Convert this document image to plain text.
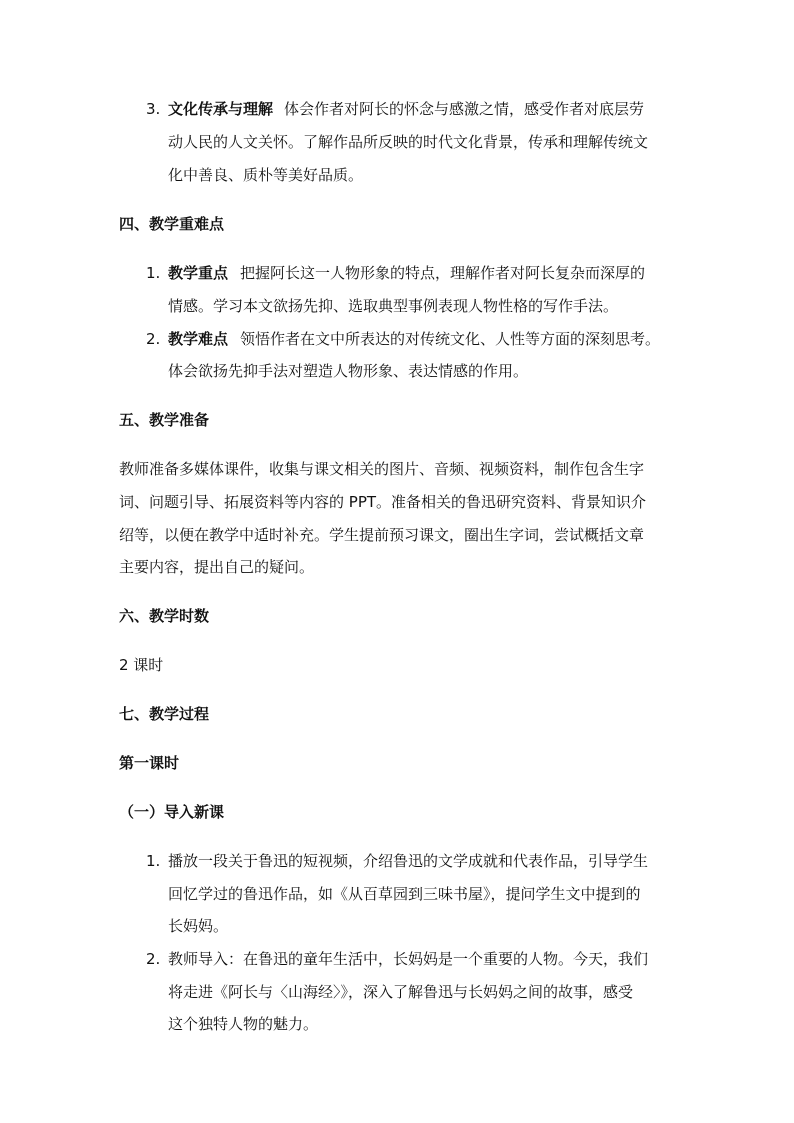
3. 文化传承与理解 体会作者对阿长的怀念与感激之情，感受作者对底层劳
动人民的人文关怀。了解作品所反映的时代文化背景，传承和理解传统文
化中善良、质朴等美好品质。
四、教学重难点
1. 教学重点 把握阿长这一人物形象的特点，理解作者对阿长复杂而深厚的
情感。学习本文欲扬先抑、选取典型事例表现人物性格的写作手法。
2. 教学难点 领悟作者在文中所表达的对传统文化、人性等方面的深刻思考。
体会欲扬先抑手法对塑造人物形象、表达情感的作用。
五、教学准备
教师准备多媒体课件，收集与课文相关的图片、音频、视频资料，制作包含生字
词、问题引导、拓展资料等内容的 PPT。准备相关的鲁迅研究资料、背景知识介
绍等，以便在教学中适时补充。学生提前预习课文，圈出生字词，尝试概括文章
主要内容，提出自己的疑问。
六、教学时数
2 课时
七、教学过程
第一课时
（一）导入新课
1. 播放一段关于鲁迅的短视频，介绍鲁迅的文学成就和代表作品，引导学生
回忆学过的鲁迅作品，如《从百草园到三味书屋》，提问学生文中提到的
长妈妈。
2. 教师导入：在鲁迅的童年生活中，长妈妈是一个重要的人物。今天，我们
将走进《阿长与〈山海经〉》，深入了解鲁迅与长妈妈之间的故事，感受
这个独特人物的魅力。
